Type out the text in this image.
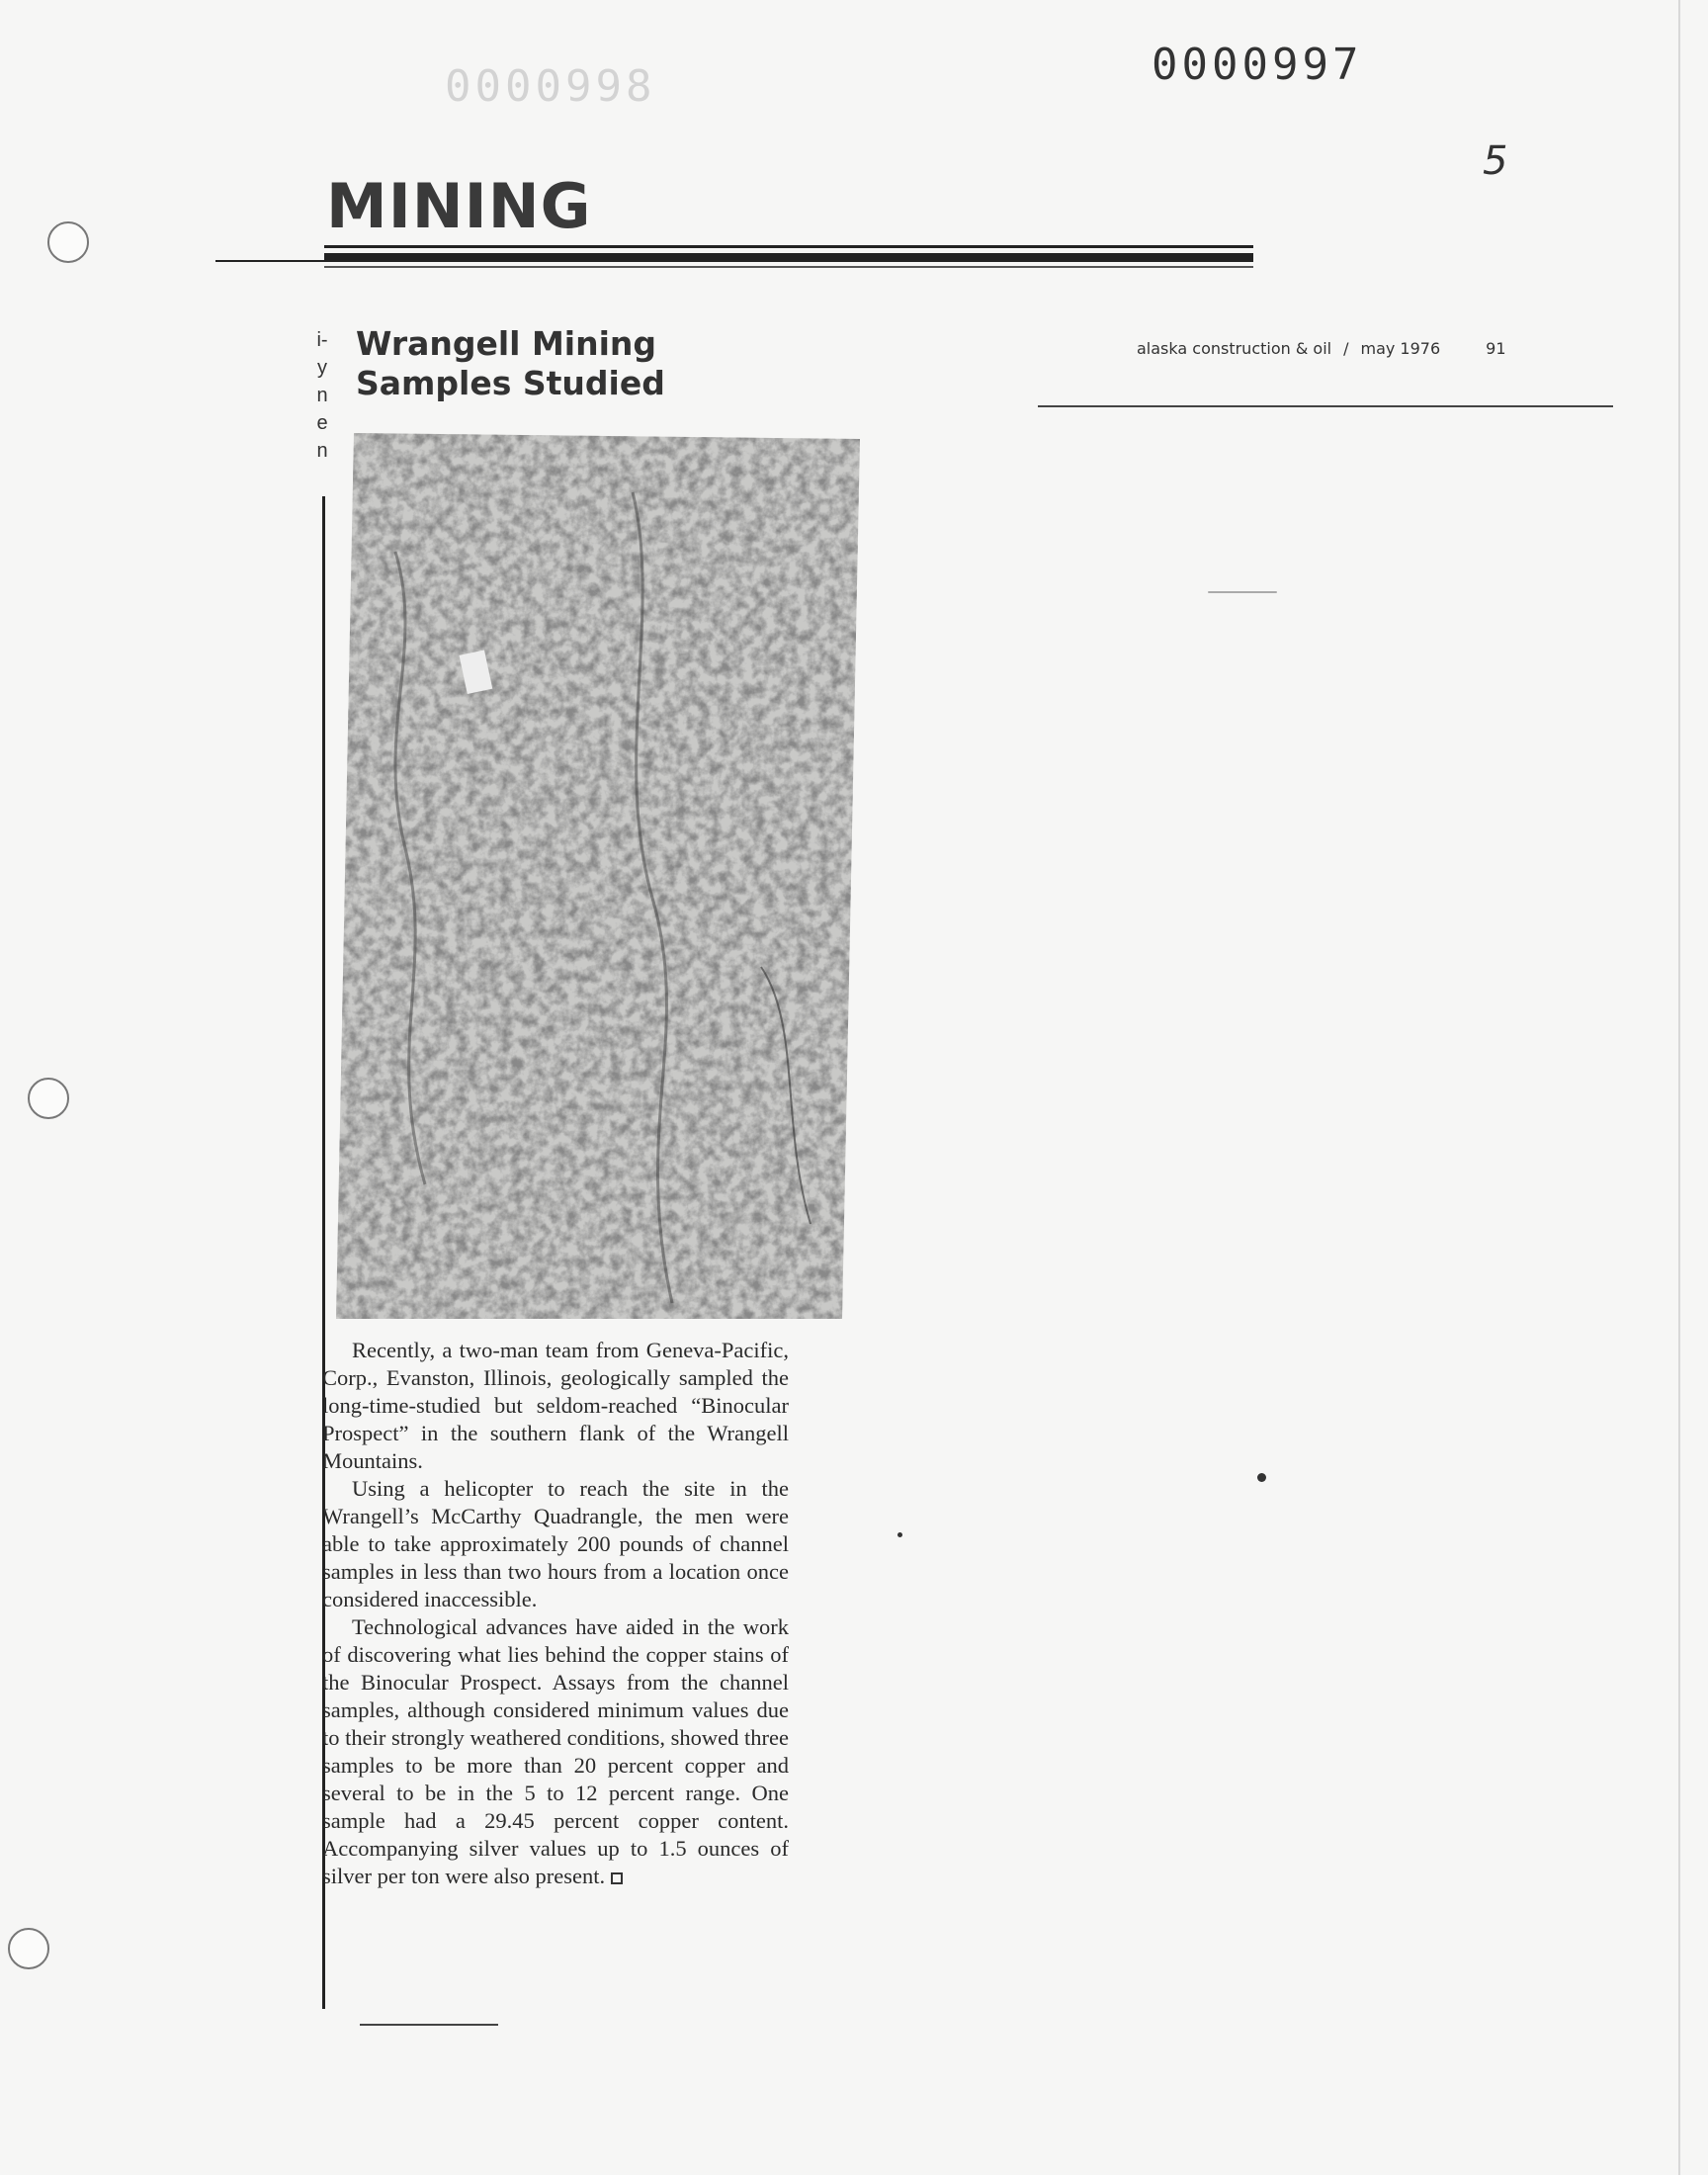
0000998	0000997
5
MINING
alaska construction & oil / may 1976	91
i-
y
n
e
n
Wrangell Mining
Samples Studied

Recently, a two-man team from Geneva-Pacific, Corp., Evanston, Illinois, geologically sampled the long-time-studied but seldom-reached “Binocular Prospect” in the southern flank of the Wrangell Mountains.

Using a helicopter to reach the site in the Wrangell’s McCarthy Quadrangle, the men were able to take approximately 200 pounds of channel samples in less than two hours from a location once considered inaccessible.

Technological advances have aided in the work of discovering what lies behind the copper stains of the Binocular Prospect. Assays from the channel samples, although considered minimum values due to their strongly weathered conditions, showed three samples to be more than 20 percent copper and several to be in the 5 to 12 percent range. One sample had a 29.45 percent copper content. Accompanying silver values up to 1.5 ounces of silver per ton were also present.
